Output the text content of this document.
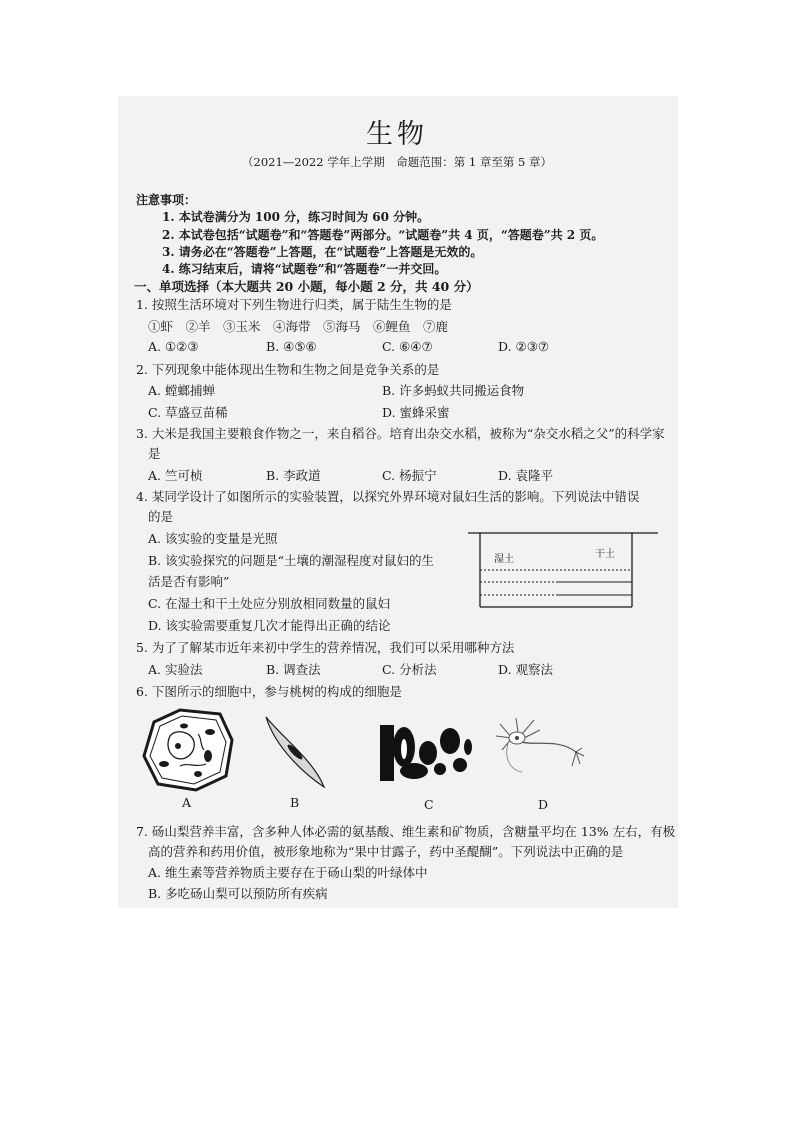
生物
（2021—2022 学年上学期　命题范围：第 1 章至第 5 章）
注意事项：
1. 本试卷满分为 100 分，练习时间为 60 分钟。
2. 本试卷包括“试题卷”和“答题卷”两部分。“试题卷”共 4 页，“答题卷”共 2 页。
3. 请务必在“答题卷”上答题，在“试题卷”上答题是无效的。
4. 练习结束后，请将“试题卷”和“答题卷”一并交回。
一、单项选择（本大题共 20 小题，每小题 2 分，共 40 分）
1. 按照生活环境对下列生物进行归类，属于陆生生物的是
①虾　②羊　③玉米　④海带　⑤海马　⑥鲤鱼　⑦鹿
A. ①②③	B. ④⑤⑥	C. ⑥④⑦	D. ②③⑦
2. 下列现象中能体现出生物和生物之间是竞争关系的是
A. 螳螂捕蝉	B. 许多蚂蚁共同搬运食物
C. 草盛豆苗稀	D. 蜜蜂采蜜
3. 大米是我国主要粮食作物之一，来自稻谷。培育出杂交水稻，被称为“杂交水稻之父”的科学家
是
A. 竺可桢	B. 李政道	C. 杨振宁	D. 袁隆平
4. 某同学设计了如图所示的实验装置，以探究外界环境对鼠妇生活的影响。下列说法中错误
的是
A. 该实验的变量是光照
B. 该实验探究的问题是“土壤的潮湿程度对鼠妇的生
活是否有影响”
C. 在湿土和干土处应分别放相同数量的鼠妇
D. 该实验需要重复几次才能得出正确的结论
湿土	干土
5. 为了了解某市近年来初中学生的营养情况，我们可以采用哪种方法
A. 实验法	B. 调查法	C. 分析法	D. 观察法
6. 下图所示的细胞中，参与桃树的构成的细胞是
A	B	C	D
7. 砀山梨营养丰富，含多种人体必需的氨基酸、维生素和矿物质，含糖量平均在 13% 左右，有极
高的营养和药用价值，被形象地称为“果中甘露子，药中圣醍醐”。下列说法中正确的是
A. 维生素等营养物质主要存在于砀山梨的叶绿体中
B. 多吃砀山梨可以预防所有疾病
